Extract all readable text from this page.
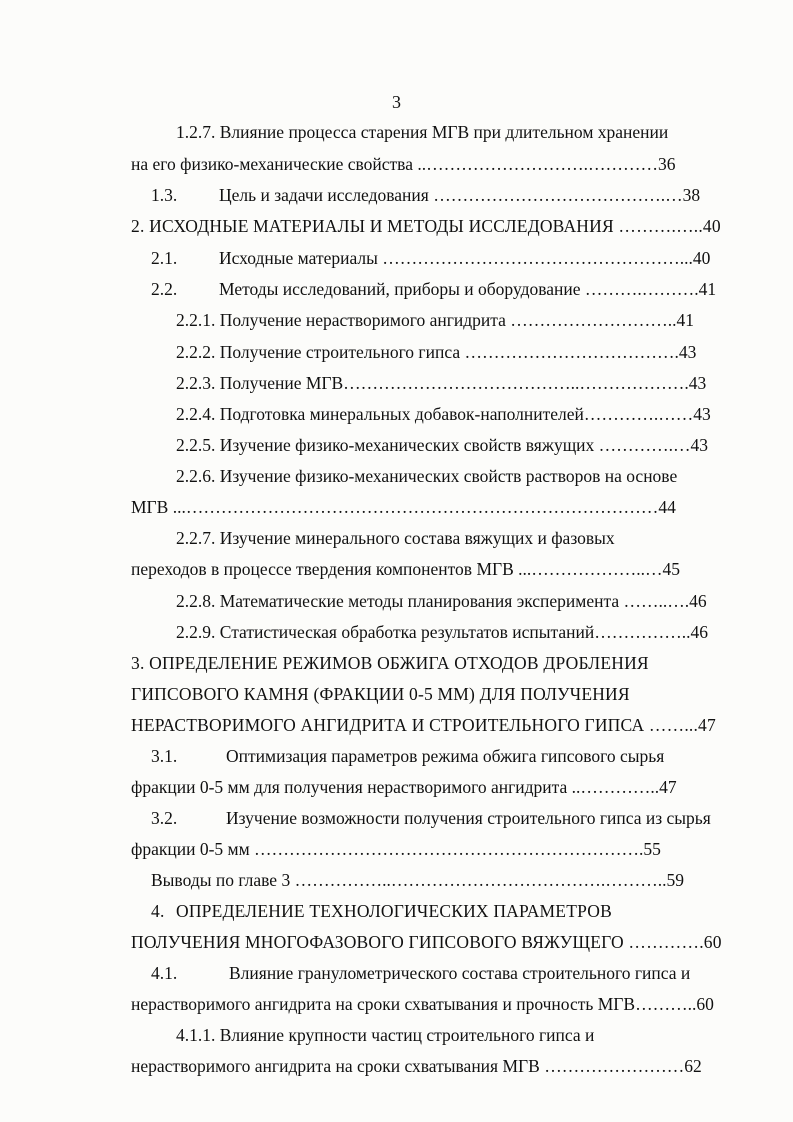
3
1.2.7. Влияние процесса старения МГВ при длительном хранении
на его физико-механические свойства ..……………………….…………36
1.3. Цель и задачи исследования ………………………………….…38
2. ИСХОДНЫЕ МАТЕРИАЛЫ И МЕТОДЫ ИССЛЕДОВАНИЯ ……….…..40
2.1. Исходные материалы ……………………………………………...40
2.2. Методы исследований, приборы и оборудование ……….……….41
2.2.1. Получение нерастворимого ангидрита ………………………..41
2.2.2. Получение строительного гипса ……………………………….43
2.2.3. Получение МГВ…………………………………..……………….43
2.2.4. Подготовка минеральных добавок-наполнителей………….……43
2.2.5. Изучение физико-механических свойств вяжущих ………….…43
2.2.6. Изучение физико-механических свойств растворов на основе
МГВ ...………………………………………………………………………44
2.2.7. Изучение минерального состава вяжущих и фазовых
переходов в процессе твердения компонентов МГВ ...………………..…45
2.2.8. Математические методы планирования эксперимента ……..….46
2.2.9. Статистическая обработка результатов испытаний……………..46
3. ОПРЕДЕЛЕНИЕ РЕЖИМОВ ОБЖИГА ОТХОДОВ ДРОБЛЕНИЯ
ГИПСОВОГО КАМНЯ (ФРАКЦИИ 0-5 ММ) ДЛЯ ПОЛУЧЕНИЯ
НЕРАСТВОРИМОГО АНГИДРИТА И СТРОИТЕЛЬНОГО ГИПСА ……...47
3.1.	Оптимизация параметров режима обжига гипсового сырья
фракции 0-5 мм для получения нерастворимого ангидрита ..…………..47
3.2.	Изучение возможности получения строительного гипса из сырья
фракции 0-5 мм ………………………………………………………….55
Выводы по главе 3 ……………..……………………………….………..59
4. ОПРЕДЕЛЕНИЕ ТЕХНОЛОГИЧЕСКИХ ПАРАМЕТРОВ
ПОЛУЧЕНИЯ МНОГОФАЗОВОГО ГИПСОВОГО ВЯЖУЩЕГО ………….60
4.1.	Влияние гранулометрического состава строительного гипса и
нерастворимого ангидрита на сроки схватывания и прочность МГВ………..60
4.1.1. Влияние крупности частиц строительного гипса и
нерастворимого ангидрита на сроки схватывания МГВ ……………………62
